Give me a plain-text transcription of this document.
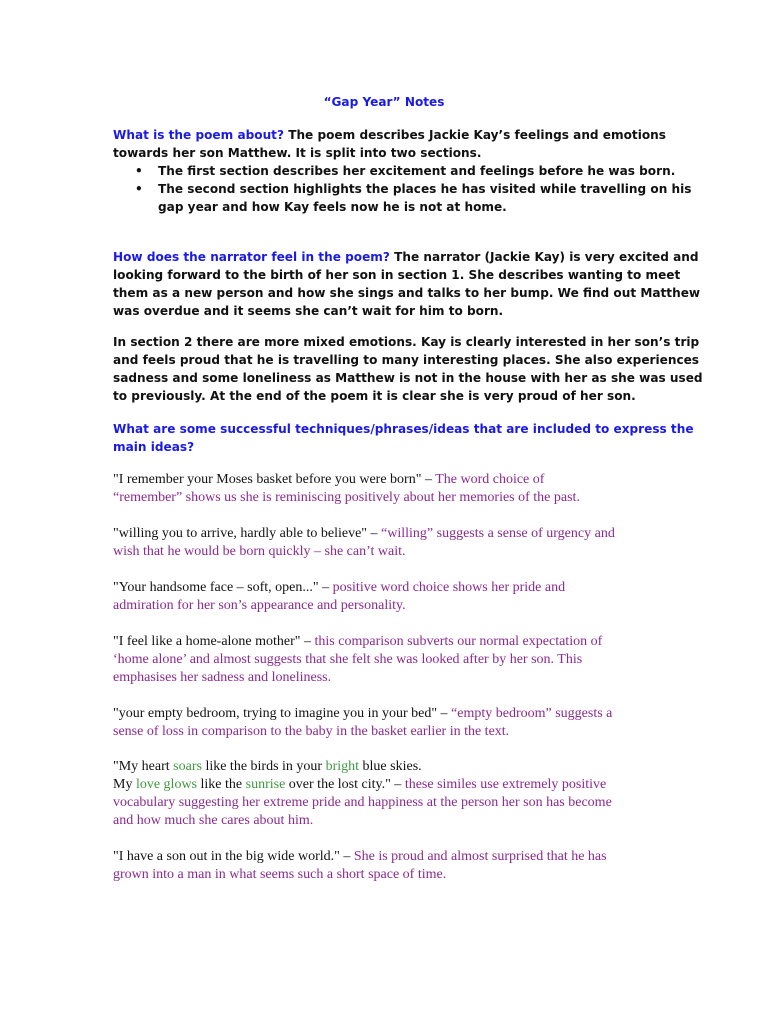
“Gap Year” Notes
What is the poem about? The poem describes Jackie Kay’s feelings and emotions
towards her son Matthew. It is split into two sections.
• The first section describes her excitement and feelings before he was born.
• The second section highlights the places he has visited while travelling on his
gap year and how Kay feels now he is not at home.
How does the narrator feel in the poem? The narrator (Jackie Kay) is very excited and
looking forward to the birth of her son in section 1. She describes wanting to meet
them as a new person and how she sings and talks to her bump. We find out Matthew
was overdue and it seems she can’t wait for him to born.
In section 2 there are more mixed emotions. Kay is clearly interested in her son’s trip
and feels proud that he is travelling to many interesting places. She also experiences
sadness and some loneliness as Matthew is not in the house with her as she was used
to previously. At the end of the poem it is clear she is very proud of her son.
What are some successful techniques/phrases/ideas that are included to express the
main ideas?
"I remember your Moses basket before you were born" – The word choice of
“remember” shows us she is reminiscing positively about her memories of the past.
"willing you to arrive, hardly able to believe" – “willing” suggests a sense of urgency and
wish that he would be born quickly – she can’t wait.
"Your handsome face – soft, open..." – positive word choice shows her pride and
admiration for her son’s appearance and personality.
"I feel like a home-alone mother" – this comparison subverts our normal expectation of
‘home alone’ and almost suggests that she felt she was looked after by her son. This
emphasises her sadness and loneliness.
"your empty bedroom, trying to imagine you in your bed" – “empty bedroom” suggests a
sense of loss in comparison to the baby in the basket earlier in the text.
"My heart soars like the birds in your bright blue skies.
My love glows like the sunrise over the lost city." – these similes use extremely positive
vocabulary suggesting her extreme pride and happiness at the person her son has become
and how much she cares about him.
"I have a son out in the big wide world." – She is proud and almost surprised that he has
grown into a man in what seems such a short space of time.
